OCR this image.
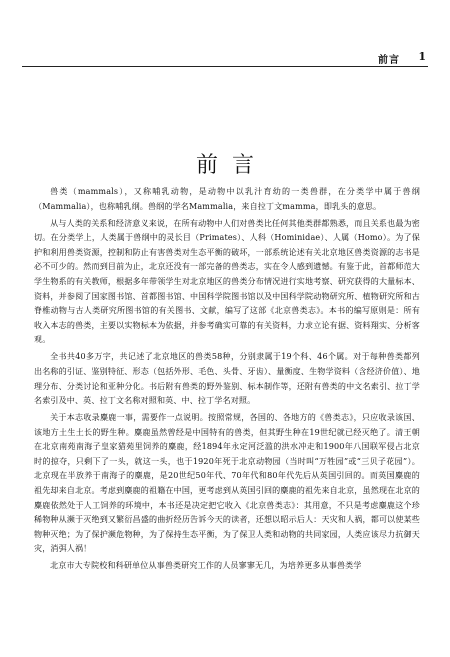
前言 1
前言

兽类（mammals），又称哺乳动物，是动物中以乳汁育幼的一类兽群，在分类学中属于兽纲（Mammalia），也称哺乳纲。兽纲的学名Mammalia，来自拉丁文mamma，即乳头的意思。

从与人类的关系和经济意义来说，在所有动物中人们对兽类比任何其他类群都熟悉，而且关系也最为密切。在分类学上，人类属于兽纲中的灵长目（Primates）、人科（Hominidae）、人属（Homo）。为了保护和利用兽类资源，控制和防止有害兽类对生态平衡的破坏，一部系统论述有关北京地区兽类资源的志书是必不可少的。然而到目前为止，北京还没有一部完备的兽类志，实在令人感到遗憾。有鉴于此，首都师范大学生物系的有关教师，根据多年带领学生对北京地区的兽类分布情况进行实地考察、研究获得的大量标本、资料，并参阅了国家图书馆、首都图书馆、中国科学院图书馆以及中国科学院动物研究所、植物研究所和古脊椎动物与古人类研究所图书馆的有关图书、文献，编写了这部《北京兽类志》。本书的编写原则是：所有收入本志的兽类，主要以实物标本为依据，并参考确实可靠的有关资料，力求立论有据、资料翔实、分析客观。

全书共40多万字，共记述了北京地区的兽类58种，分别隶属于19个科、46个属。对于每种兽类都列出名称的引证、鉴别特征、形态（包括外形、毛色、头骨、牙齿）、量衡度、生物学资料（含经济价值）、地理分布、分类讨论和亚种分化。书后附有兽类的野外鉴别、标本制作等，还附有兽类的中文名索引、拉丁学名索引及中、英、拉丁文名称对照和英、中、拉丁学名对照。

关于本志收录麋鹿一事，需要作一点说明。按照常规，各国的、各地方的《兽类志》，只应收录该国、该地方土生土长的野生种。麋鹿虽然曾经是中国特有的兽类，但其野生种在19世纪就已经灭绝了。清王朝在北京南苑南海子皇家猎苑里饲养的麋鹿，经1894年永定河泛滥的洪水冲走和1900年八国联军侵占北京时的掠夺，只剩下了一头，就这一头，也于1920年死于北京动物园（当时叫“万牲园”或“三贝子花园”）。北京现在半放养于南海子的麋鹿，是20世纪50年代、70年代和80年代先后从英国引回的。而英国麋鹿的祖先却来自北京。考虑到麋鹿的祖籍在中国，更考虑到从英国引回的麋鹿的祖先来自北京，虽然现在北京的麋鹿依然处于人工饲养的环境中，本书还是决定把它收入《北京兽类志》：其用意，不只是考虑麋鹿这个珍稀物种从濒于灭绝到又繁衍昌盛的曲折经历告诉今天的读者，还想以昭示后人：天灾和人祸，都可以使某些物种灭绝；为了保护濒危物种，为了保持生态平衡，为了保卫人类和动物的共同家园，人类应该尽力抗御天灾，消弭人祸！

北京市大专院校和科研单位从事兽类研究工作的人员寥寥无几，为培养更多从事兽类学
